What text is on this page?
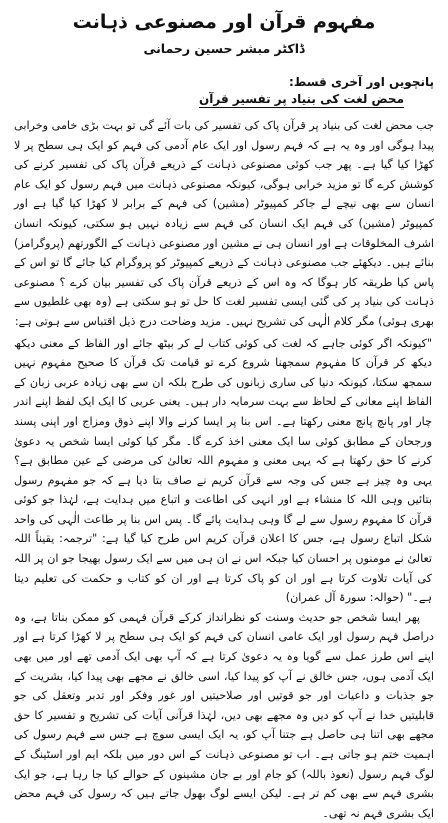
مفہوم قرآن اور مصنوعی ذہانت
ڈاکٹر مبشر حسین رحمانی
پانچویں اور آخری قسط:
محض لغت کی بنیاد پر تفسیر قرآن

جب محض لغت کی بنیاد پر قرآن پاک کی تفسیر کی بات آئے گی تو بہت بڑی خامی وخرابی پیدا ہوگی اور وہ یہ ہے کہ فہم رسول اور ایک عام آدمی کی فہم کو ایک ہی سطح پر لا کھڑا کیا گیا ہے۔ پھر جب کوئی مصنوعی ذہانت کے ذریعے قرآن پاک کی تفسیر کرنے کی کوشش کرے گا تو مزید خرابی ہوگی، کیونکہ مصنوعی ذہانت میں فہم رسول کو ایک عام انسان سے بھی نیچے لے جاکر کمپیوٹر (مشین) کی فہم کے برابر لا کھڑا کیا گیا ہے اور کمپیوٹر (مشین) کی فہم ایک انسان کی فہم سے زیادہ نہیں ہو سکتی، کیونکہ انسان اشرف المخلوقات ہے اور انسان ہی نے مشین اور مصنوعی ذہانت کے الگورتھم (پروگرامز) بنائے ہیں۔ دیکھئے جب مصنوعی ذہانت کے ذریعے کمپیوٹر کو پروگرام کیا جائے گا تو اس کے پاس کیا طریقہ کار ہوگا کہ وہ اس کے ذریعے قرآن پاک کی تفسیر بیان کرے ؟ مصنوعی ذہانت کی بنیاد پر کی گئی ایسی تفسیر لغت کا حل تو ہو سکتی ہے (وہ بھی غلطیوں سے بھری ہوئی) مگر کلام الٰہی کی تشریح نہیں۔ مزید وضاحت درج ذیل اقتباس سے ہوتی ہے:

"کیونکہ اگر کوئی جاہے کہ لغت کی کوئی کتاب لے کر بیٹھ جائے اور الفاظ کے معنی دیکھ دیکھ کر قرآن کا مفہوم سمجھنا شروع کرے تو قیامت تک قرآن کا صحیح مفہوم نہیں سمجھ سکتا، کیونکہ دنیا کی ساری زبانوں کی طرح بلکہ ان سے بھی زیادہ عربی زبان کے الفاظ اپنے معانی کے لحاظ سے بہت سرمایہ دار ہیں۔ یعنی عربی کا ایک ایک لفظ اپنے اندر چار اور پانچ پانچ معنی رکھتا ہے۔ اس بنا پر ایسا کرنے والا اپنے ذوق ومزاج اور اپنی پسند ورجحان کے مطابق کوئی سا ایک معنی اخذ کرے گا۔ مگر کیا کوئی ایسا شخص یہ دعویٰ کرنے کا حق رکھتا ہے کہ یہی معنی و مفہوم اللہ تعالیٰ کی مرضی کے عین مطابق ہے؟ یہی وہ چیز ہے جس کی وجہ سے قرآن کریم نے صاف بتا دیا ہے کہ جو مفہوم رسول بتائیں وہی اللہ کا منشاء ہے اور انہی کی اطاعت و اتباع میں ہدایت ہے، لہٰذا جو کوئی قرآن کا مفہوم رسول سے لے گا وہی ہدایت پائے گا۔ پس اس بنا پر طاعت الٰہی کی واحد شکل اتباع رسول ہے، جس کا اعلان قرآن کریم اس طرح کیا گیا ہے: "ترجمہ: یقیناً اللہ تعالیٰ نے مومنوں پر احسان کیا جبکہ اس نے ان ہی میں سے ایک رسول بھیجا جو ان پر اللہ کی آیات تلاوت کرتا ہے اور ان کو پاک کرتا ہے اور ان کو کتاب و حکمت کی تعلیم دیتا ہے۔" (حوالہ: سورۃ آل عمران)

پھر ایسا شخص جو حدیث وسنت کو نظرانداز کرکے قرآن فہمی کو ممکن بناتا ہے، وہ دراصل فہم رسول اور ایک عامی انسان کی فہم کو ایک ہی سطح پر لا کھڑا کرتا ہے اور اپنے اس طرز عمل سے گویا وہ یہ دعویٰ کرتا ہے کہ آپ بھی ایک آدمی تھے اور میں بھی ایک آدمی ہوں، جس خالق نے آپ کو پیدا کیا، اسی خالق نے مجھے بھی پیدا کیا، بشریت کے جو جذبات و داعیات اور جو قوتیں اور صلاحیتیں اور غور وفکر اور تدبر وتعقل کی جو قابلیتیں خدا نے آپ کو دیں وہ مجھے بھی دیں، لہٰذا قرآنی آیات کی تشریح و تفسیر کا حق مجھے بھی اتنا ہی حاصل ہے جتنا آپ کو، یہ ایک ایسی سوچ ہے جس سے فہم رسول کی اہمیت ختم ہو جاتی ہے۔ اب تو مصنوعی ذہانت کے اس دور میں بلکہ ایم اور اسٹینگ کے لوگ فہم رسول (نعوذ باللہ) کو جام اور بے جان مشینوں کے حوالے کیا جا رہا ہے، جو ایک بشری فہم سے بھی کم تر ہے۔ لیکن ایسے لوگ بھول جاتے ہیں کہ رسول کی فہم محض ایک بشری فہم نہ تھی۔
